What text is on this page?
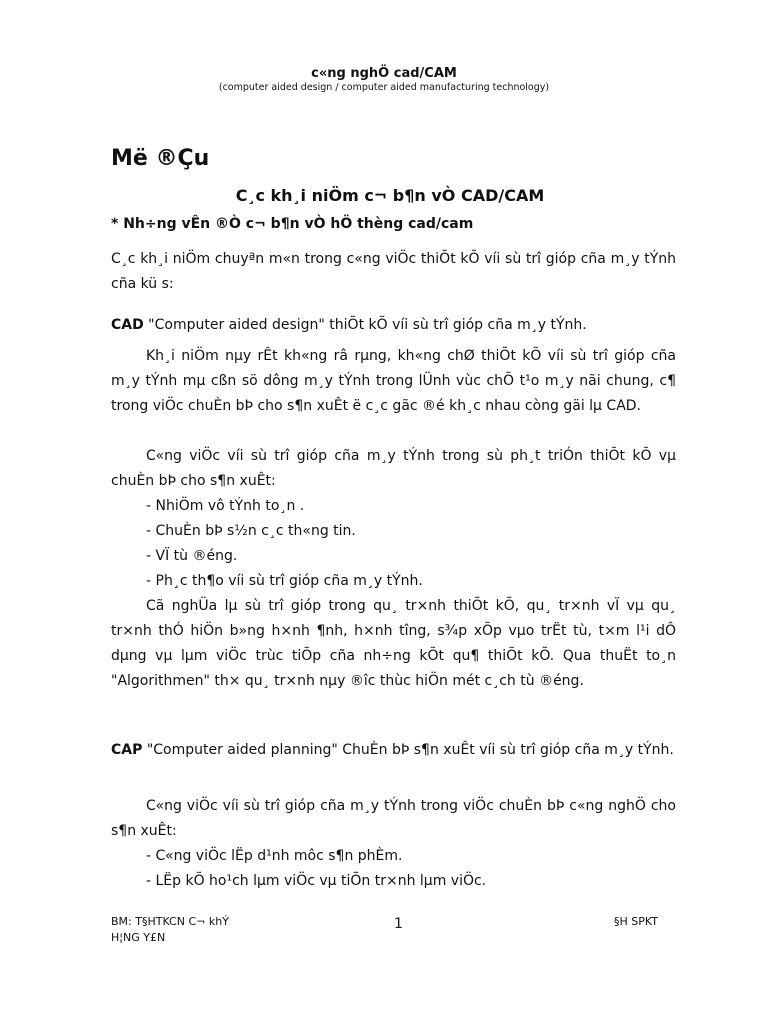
c«ng nghÖ cad/CAM
(computer aided design / computer aided manufacturing technology)
Më ®Çu
C¸c kh¸i niÖm c¬ b¶n vÒ CAD/CAM
* Nh÷ng vÊn ®Ò c¬ b¶n vÒ hÖ thèng cad/cam

C¸c kh¸i niÖm chuyªn m«n trong c«ng viÖc thiÕt kÕ víi sù trî gióp cña m¸y tÝnh cña kü s:

CAD "Computer aided design" thiÕt kÕ víi sù trî gióp cña m¸y tÝnh.

Kh¸i niÖm nµy rÊt kh«ng râ rµng, kh«ng chØ thiÕt kÕ víi sù trî gióp cña m¸y tÝnh mµ cßn sö dông m¸y tÝnh trong lÜnh vùc chÕ t¹o m¸y nãi chung, c¶ trong viÖc chuÈn bÞ cho s¶n xuÊt ë c¸c gãc ®é kh¸c nhau còng gäi lµ CAD.

C«ng viÖc víi sù trî gióp cña m¸y tÝnh trong sù ph¸t triÓn thiÕt kÕ vµ chuÈn bÞ cho s¶n xuÊt:

- NhiÖm vô tÝnh to¸n .

- ChuÈn bÞ s½n c¸c th«ng tin.

- VÏ tù ®éng.

- Ph¸c th¶o víi sù trî gióp cña m¸y tÝnh.

Cã nghÜa lµ sù trî gióp trong qu¸ tr×nh thiÕt kÕ, qu¸ tr×nh vÏ vµ qu¸ tr×nh thÓ hiÖn b»ng h×nh ¶nh, h×nh tîng, s¾p xÕp vµo trËt tù, t×m l¹i dÔ dµng vµ lµm viÖc trùc tiÕp cña nh÷ng kÕt qu¶ thiÕt kÕ. Qua thuËt to¸n "Algorithmen" th× qu¸ tr×nh nµy ®îc thùc hiÖn mét c¸ch tù ®éng.

CAP "Computer aided planning" ChuÈn bÞ s¶n xuÊt víi sù trî gióp cña m¸y tÝnh.

C«ng viÖc víi sù trî gióp cña m¸y tÝnh trong viÖc chuÈn bÞ c«ng nghÖ cho s¶n xuÊt:

- C«ng viÖc lËp d¹nh môc s¶n phÈm.

- LËp kÕ ho¹ch lµm viÖc vµ tiÕn tr×nh lµm viÖc.

BM: T§HTKCN C¬ khÝ
H¦NG Y£N
1	§H SPKT
